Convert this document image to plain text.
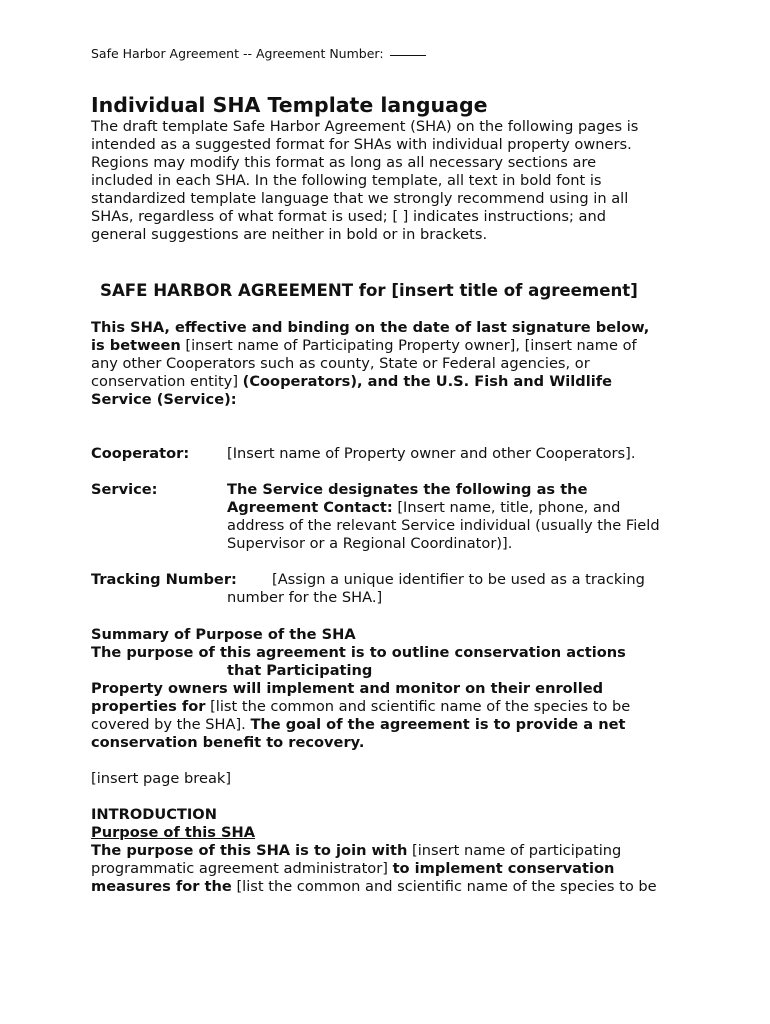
Safe Harbor Agreement -- Agreement Number:
Individual SHA Template language
The draft template Safe Harbor Agreement (SHA) on the following pages is
intended as a suggested format for SHAs with individual property owners.
Regions may modify this format as long as all necessary sections are
included in each SHA. In the following template, all text in bold font is
standardized template language that we strongly recommend using in all
SHAs, regardless of what format is used; [ ] indicates instructions; and
general suggestions are neither in bold or in brackets.
SAFE HARBOR AGREEMENT for [insert title of agreement]
This SHA, effective and binding on the date of last signature below,
is between [insert name of Participating Property owner], [insert name of
any other Cooperators such as county, State or Federal agencies, or
conservation entity] (Cooperators), and the U.S. Fish and Wildlife
Service (Service):
Cooperator:	[Insert name of Property owner and other Cooperators].
Service:	The Service designates the following as the
Agreement Contact: [Insert name, title, phone, and
address of the relevant Service individual (usually the Field
Supervisor or a Regional Coordinator)].
Tracking Number: [Assign a unique identifier to be used as a tracking
number for the SHA.]
Summary of Purpose of the SHA
The purpose of this agreement is to outline conservation actions
that Participating
Property owners will implement and monitor on their enrolled
properties for [list the common and scientific name of the species to be
covered by the SHA]. The goal of the agreement is to provide a net
conservation benefit to recovery.
[insert page break]
INTRODUCTION
Purpose of this SHA
The purpose of this SHA is to join with [insert name of participating
programmatic agreement administrator] to implement conservation
measures for the [list the common and scientific name of the species to be
